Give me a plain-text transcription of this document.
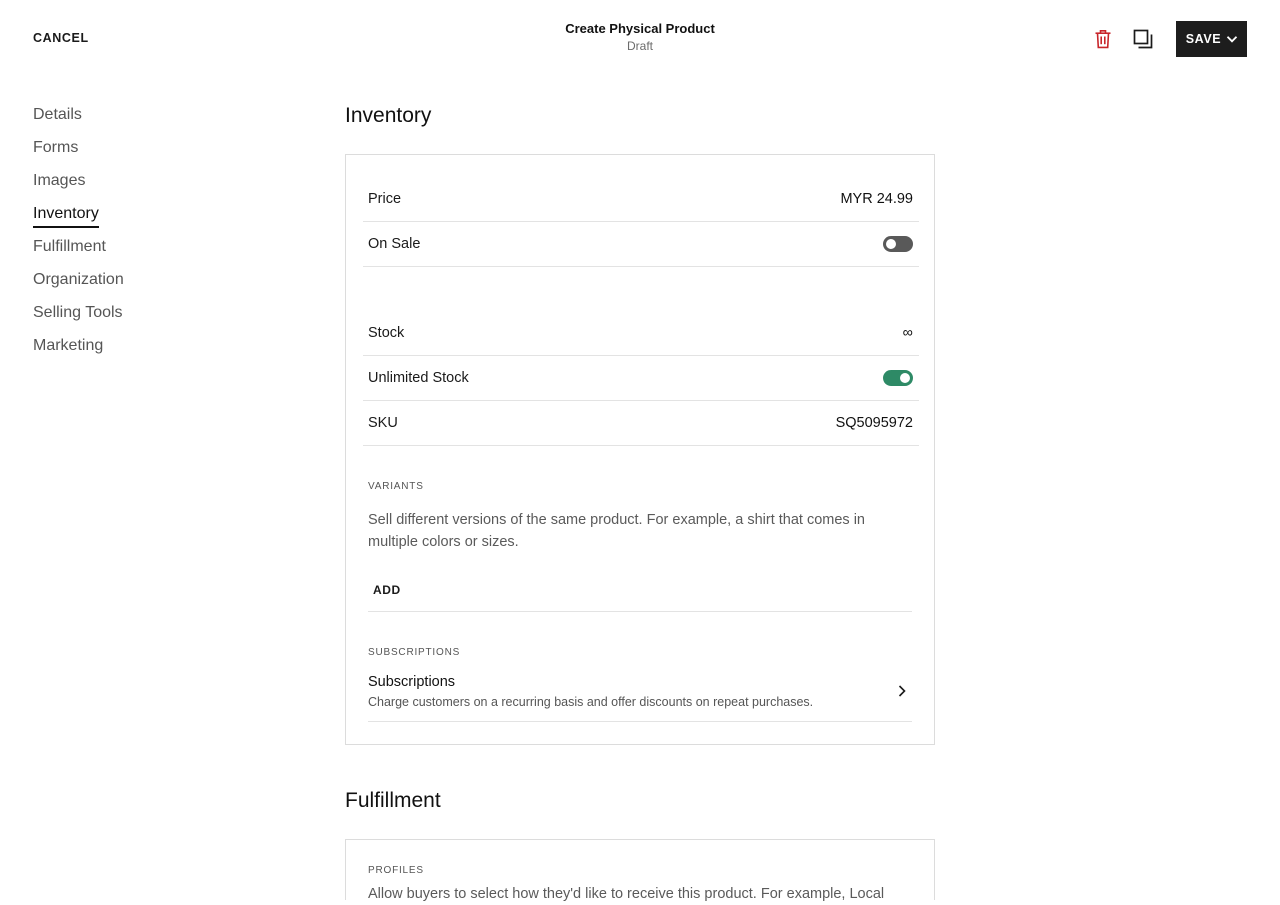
CANCEL
Create Physical Product
Draft	SAVE
Details
Forms
Images
Inventory
Fulfillment
Organization
Selling Tools
Marketing
Inventory
Price	MYR 24.99
On Sale
Stock	∞
Unlimited Stock
SKU	SQ5095972
VARIANTS
Sell different versions of the same product. For example, a shirt that comes in multiple colors or sizes.
ADD
SUBSCRIPTIONS
Subscriptions
Charge customers on a recurring basis and offer discounts on repeat purchases.
Fulfillment
PROFILES
Allow buyers to select how they'd like to receive this product. For example, Local
